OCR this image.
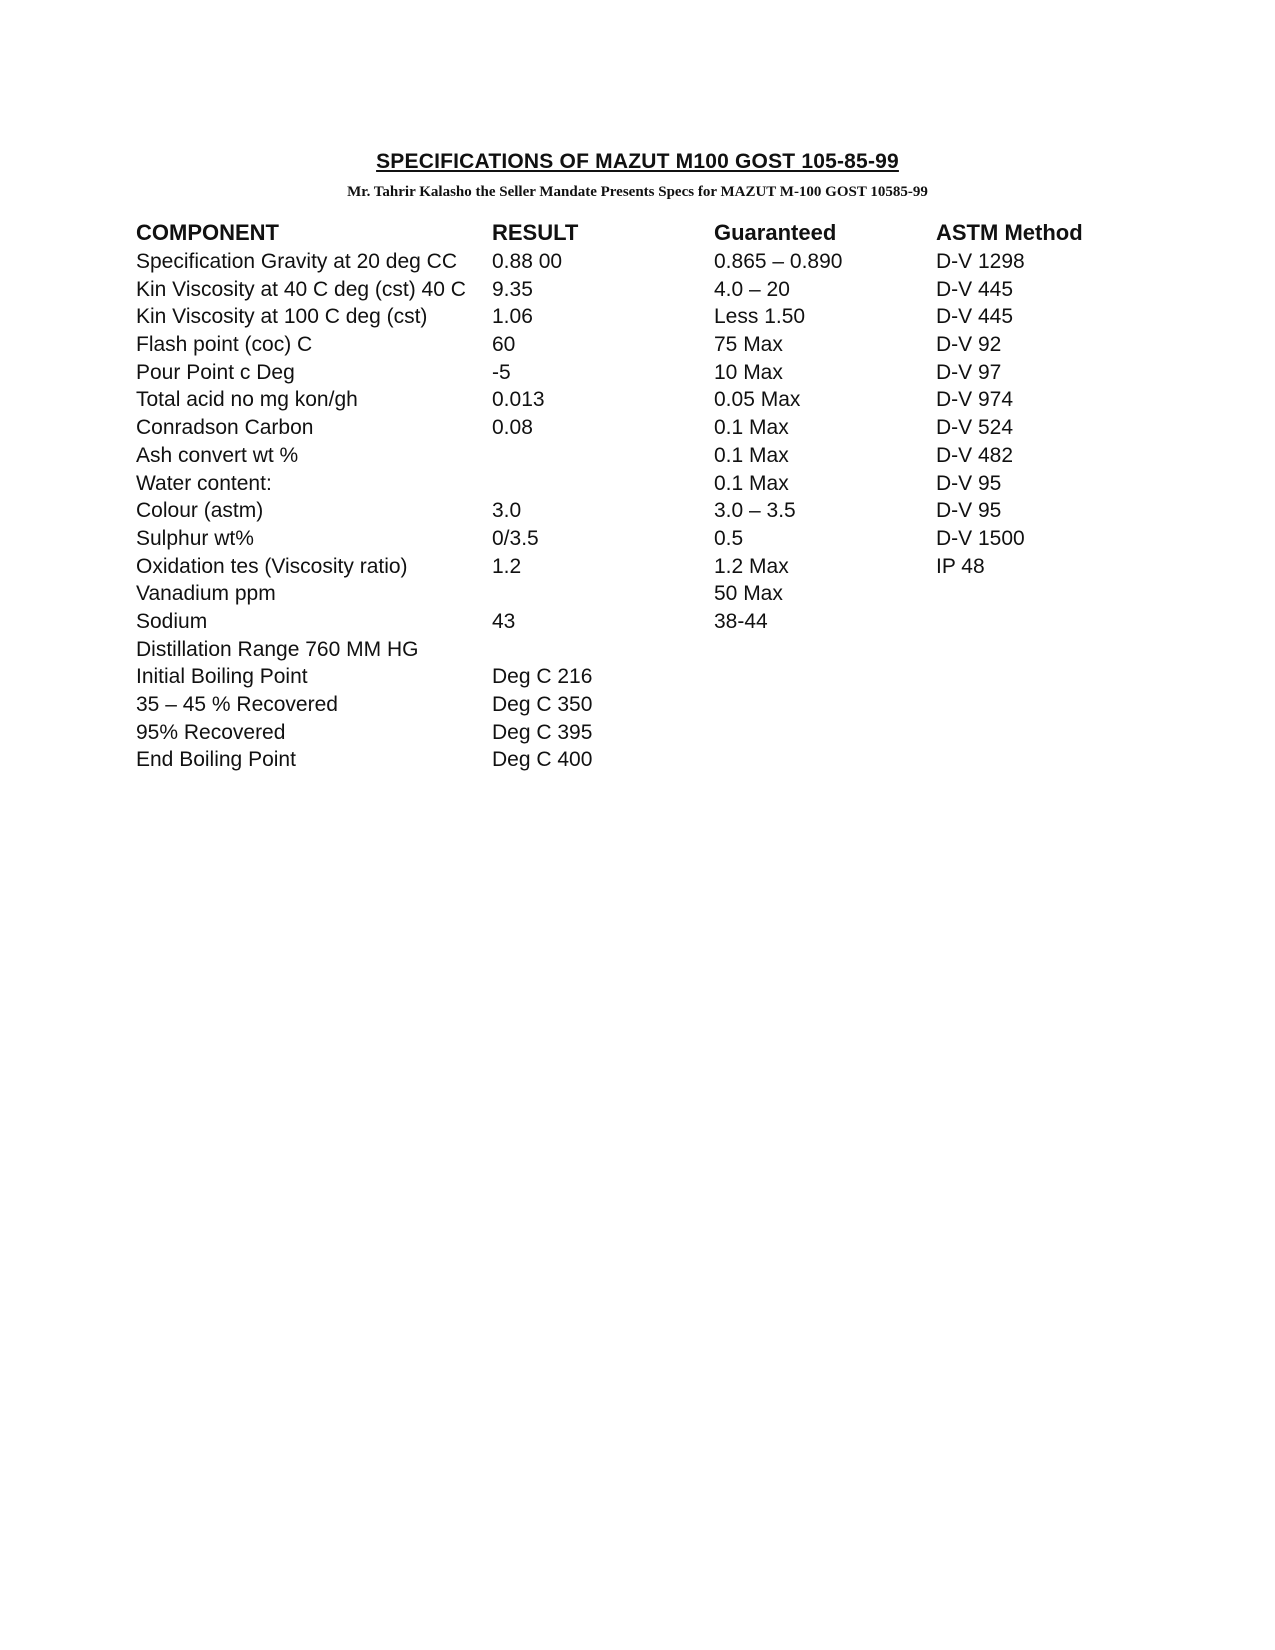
SPECIFICATIONS OF MAZUT M100 GOST 105-85-99
Mr. Tahrir Kalasho the Seller Mandate Presents Specs for MAZUT M-100 GOST 10585-99
COMPONENT	RESULT	Guaranteed	ASTM Method
Specification Gravity at 20 deg CC	0.88 00	0.865 – 0.890	D-V 1298
Kin Viscosity at 40 C deg (cst) 40 C	9.35	4.0 – 20	D-V 445
Kin Viscosity at 100 C deg (cst)	1.06	Less 1.50	D-V 445
Flash point (coc) C	60	75 Max	D-V 92
Pour Point c Deg	-5	10 Max	D-V 97
Total acid no mg kon/gh	0.013	0.05 Max	D-V 974
Conradson Carbon	0.08	0.1 Max	D-V 524
Ash convert wt %		0.1 Max	D-V 482
Water content:		0.1 Max	D-V 95
Colour (astm)	3.0	3.0 – 3.5	D-V 95
Sulphur wt%	0/3.5	0.5	D-V 1500
Oxidation tes (Viscosity ratio)	1.2	1.2 Max	IP 48
Vanadium ppm		50 Max	
Sodium	43	38-44	
Distillation Range 760 MM HG			
Initial Boiling Point	Deg C 216		
35 – 45 % Recovered	Deg C 350		
95% Recovered	Deg C 395		
End Boiling Point	Deg C 400		
